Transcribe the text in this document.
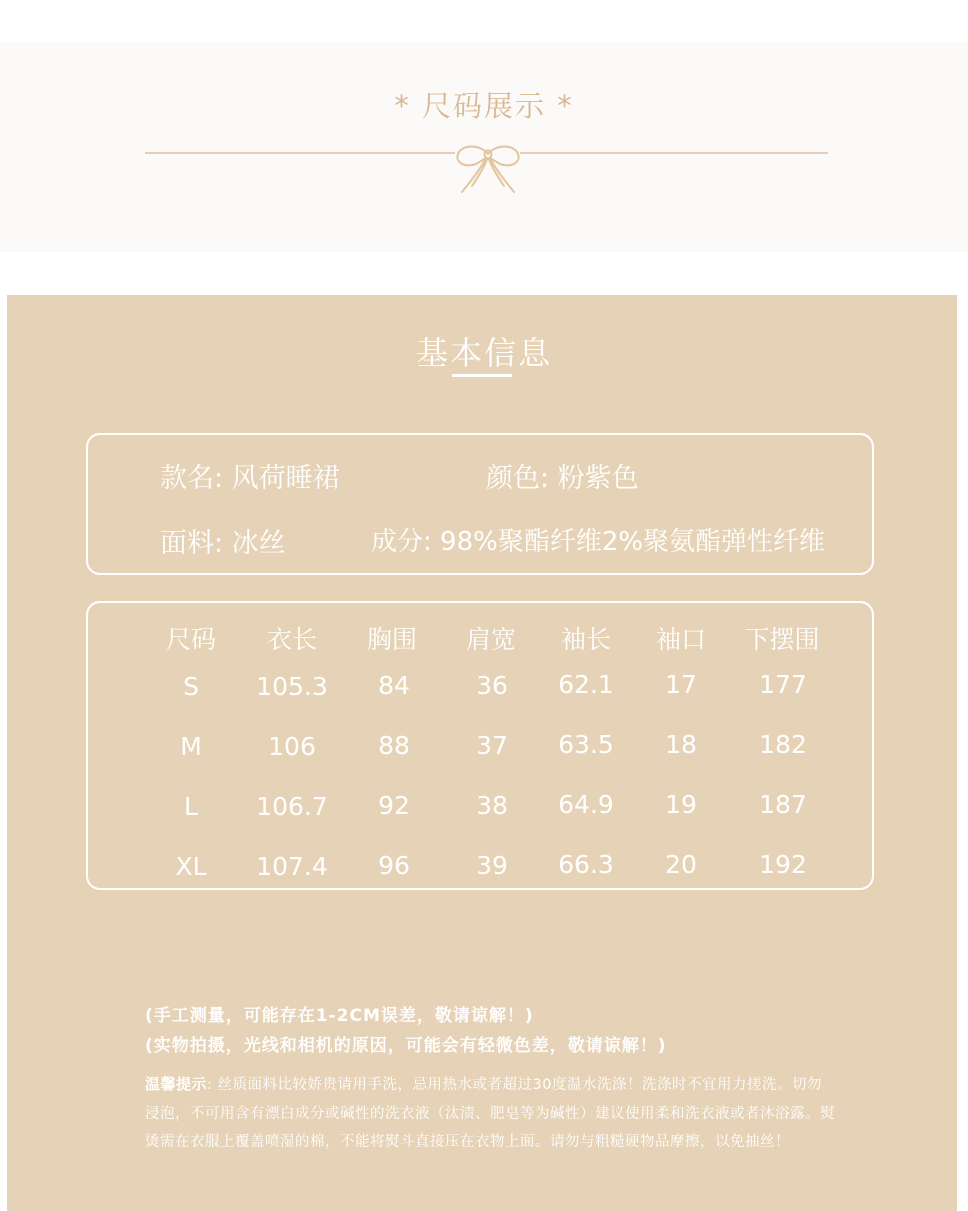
* 尺码展示 *
基本信息
款名: 风荷睡裙	颜色: 粉紫色
面料: 冰丝	成分: 98%聚酯纤维2%聚氨酯弹性纤维
尺码	衣长	胸围	肩宽	袖长	袖口	下摆围
S	105.3	84	36	62.1	17	177
M	106	88	37	63.5	18	182
L	106.7	92	38	64.9	19	187
XL	107.4	96	39	66.3	20	192
(手工测量，可能存在1-2CM误差，敬请谅解！)
(实物拍摄，光线和相机的原因，可能会有轻微色差，敬请谅解！)
温馨提示: 丝质面料比较娇贵请用手洗，忌用热水或者超过30度温水洗涤！洗涤时不宜用力搓洗。切勿浸泡，不可用含有漂白成分或碱性的洗衣液（汰渍、肥皂等为碱性）建议使用柔和洗衣液或者沐浴露。熨烫需在衣服上覆盖喷湿的棉，不能将熨斗直接压在衣物上面。请勿与粗糙硬物品摩擦，以免抽丝！
